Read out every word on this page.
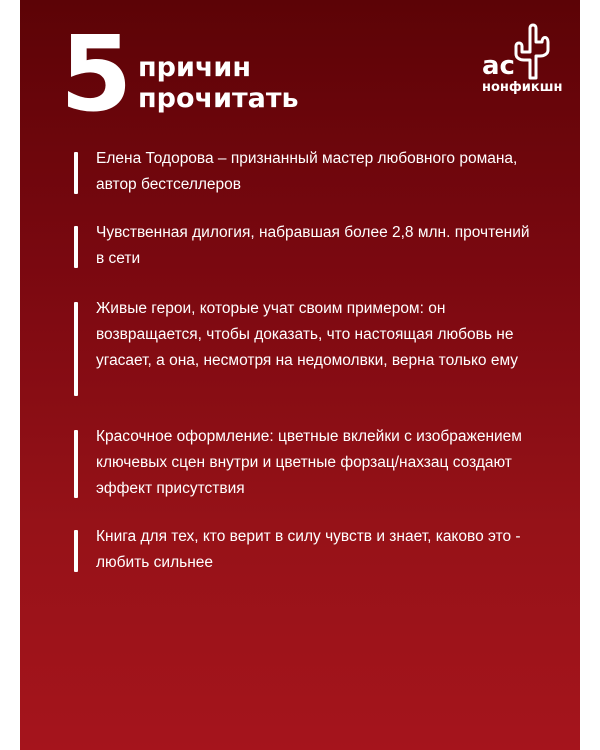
5 причин
прочитать
ас
нонфикшн
Елена Тодорова – признанный мастер любовного романа, автор бестселлеров
Чувственная дилогия, набравшая более 2,8 млн. прочтений в сети
Живые герои, которые учат своим примером: он возвращается, чтобы доказать, что настоящая любовь не угасает, а она, несмотря на недомолвки, верна только ему
Красочное оформление: цветные вклейки с изображением ключевых сцен внутри и цветные форзац/нахзац создают эффект присутствия
Книга для тех, кто верит в силу чувств и знает, каково это - любить сильнее
